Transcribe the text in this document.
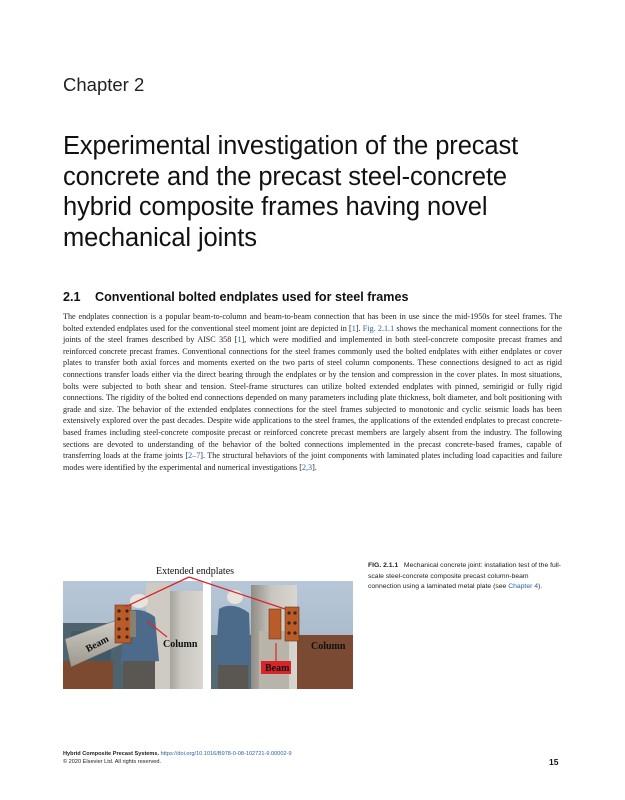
Chapter 2
Experimental investigation of the precast
concrete and the precast steel-concrete
hybrid composite frames having novel
mechanical joints
2.1 Conventional bolted endplates used for steel frames

The endplates connection is a popular beam-to-column and beam-to-beam connection that has been in use since the mid-1950s for steel frames. The bolted extended endplates used for the conventional steel moment joint are depicted in [1]. Fig. 2.1.1 shows the mechanical moment connections for the joints of the steel frames described by AISC 358 [1], which were modified and implemented in both steel-concrete composite precast frames and reinforced concrete precast frames. Conventional connections for the steel frames commonly used the bolted endplates with either endplates or cover plates to transfer both axial forces and moments exerted on the two parts of steel column components. These connections designed to act as rigid connections transfer loads either via the direct bearing through the endplates or by the tension and compression in the cover plates. In most situations, bolts were subjected to both shear and tension. Steel-frame structures can utilize bolted extended endplates with pinned, semirigid or fully rigid connections. The rigidity of the bolted end connections depended on many parameters including plate thickness, bolt diameter, and bolt positioning with grade and size. The behavior of the extended endplates connections for the steel frames subjected to monotonic and cyclic seismic loads has been extensively explored over the past decades. Despite wide applications to the steel frames, the applications of the extended endplates to precast concrete-based frames including steel-concrete composite precast or reinforced concrete precast members are largely absent from the industry. The following sections are devoted to understanding of the behavior of the bolted connections implemented in the precast concrete-based frames, capable of transferring loads at the frame joints [2–7]. The structural behaviors of the joint components with laminated plates including load capacities and failure modes were identified by the experimental and numerical investigations [2,3].

Beam	Column	Column
Beam
Extended endplates
FIG. 2.1.1 Mechanical concrete joint: installation test of the full-scale steel-concrete composite precast column-beam connection using a laminated metal plate (see Chapter 4).
Hybrid Composite Precast Systems. https://doi.org/10.1016/B978-0-08-102721-9.00002-9
© 2020 Elsevier Ltd. All rights reserved.	15
